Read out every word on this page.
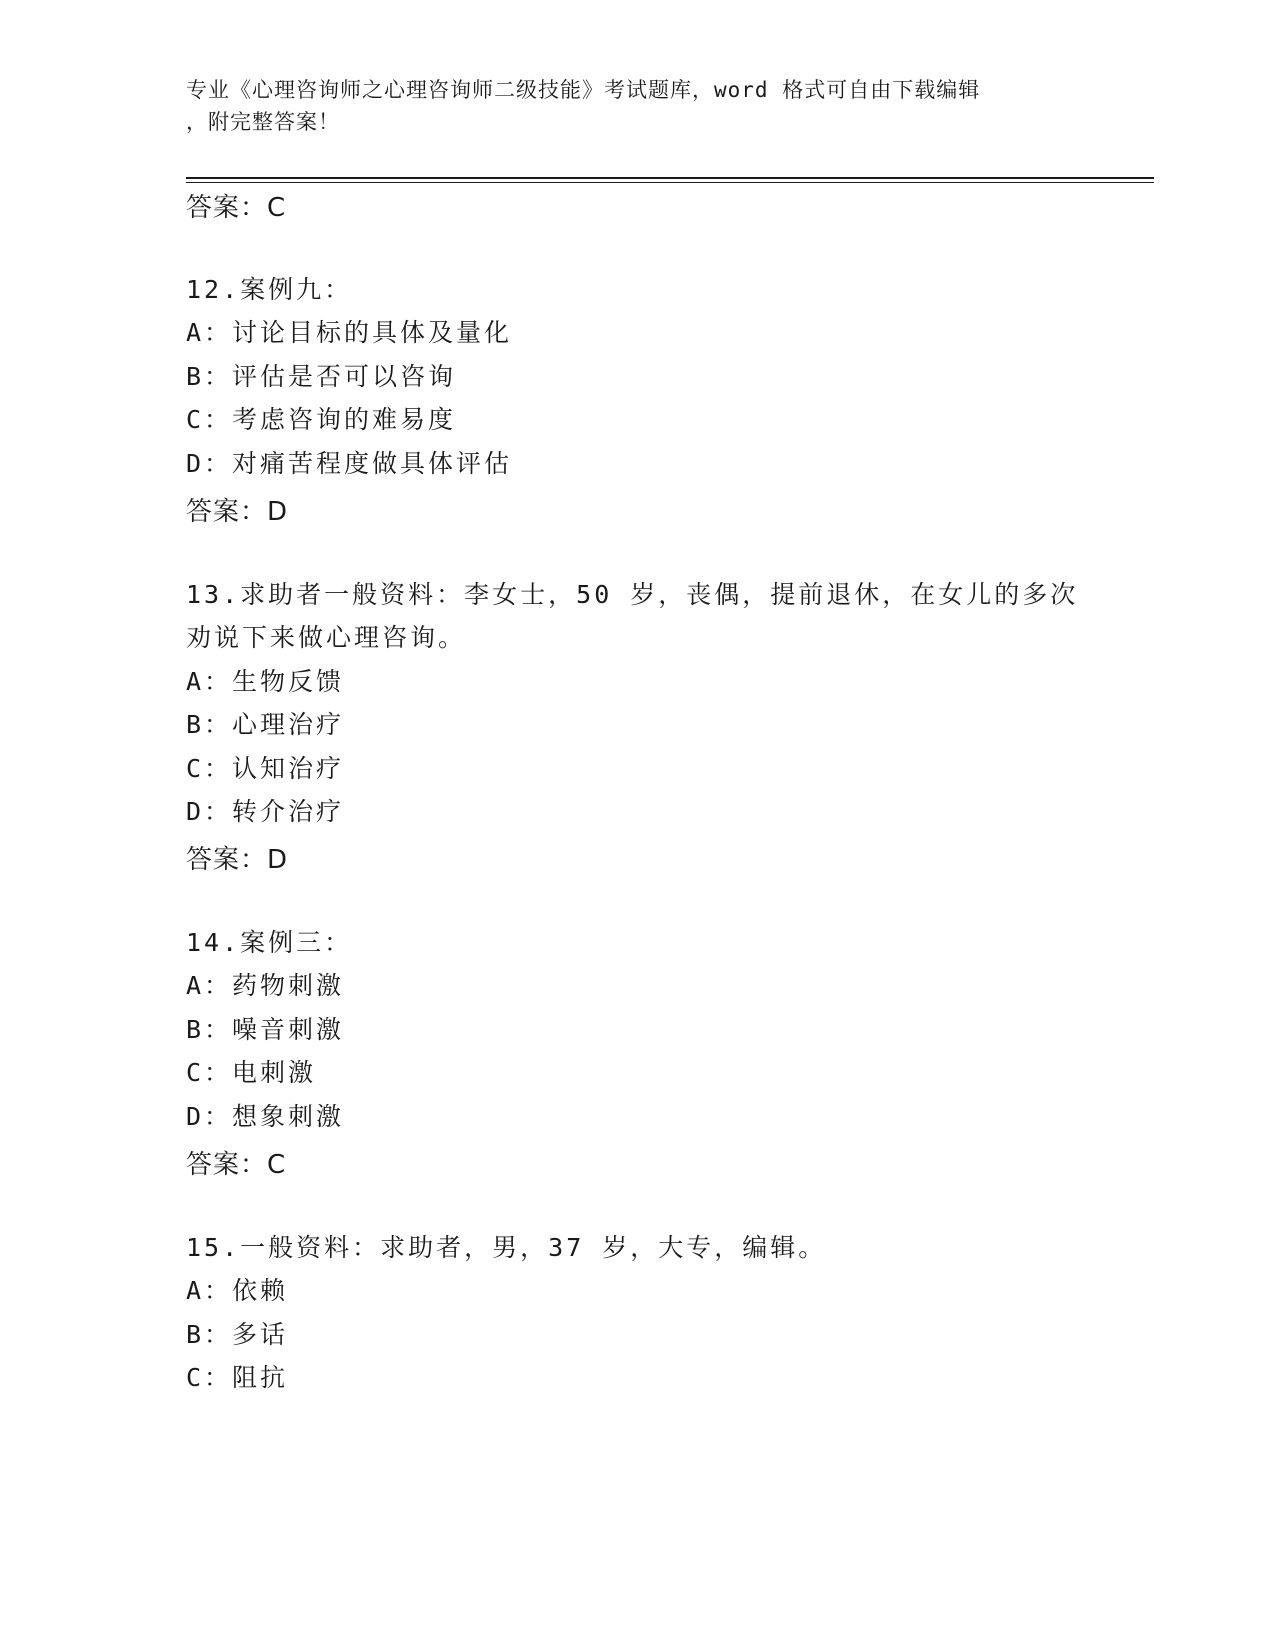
专业《心理咨询师之心理咨询师二级技能》考试题库，word 格式可自由下载编辑
，附完整答案！
答案：C
12.案例九：
A：讨论目标的具体及量化
B：评估是否可以咨询
C：考虑咨询的难易度
D：对痛苦程度做具体评估
答案：D
13.求助者一般资料：李女士，50 岁，丧偶，提前退休，在女儿的多次
劝说下来做心理咨询。
A：生物反馈
B：心理治疗
C：认知治疗
D：转介治疗
答案：D
14.案例三：
A：药物刺激
B：噪音刺激
C：电刺激
D：想象刺激
答案：C
15.一般资料：求助者，男，37 岁，大专，编辑。
A：依赖
B：多话
C：阻抗
